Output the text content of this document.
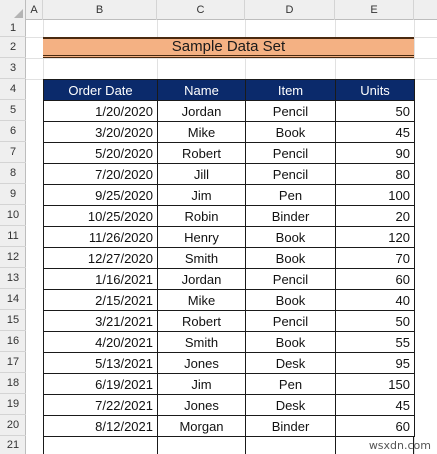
A	B	C	D	E
1
2
3
4
5
6
7
8
9
10
11
12
13
14
15
16
17
18
19
20
21
Sample Data Set
Order Date	Name	Item	Units
1/20/2020	Jordan	Pencil	50
3/20/2020	Mike	Book	45
5/20/2020	Robert	Pencil	90
7/20/2020	Jill	Pencil	80
9/25/2020	Jim	Pen	100
10/25/2020	Robin	Binder	20
11/26/2020	Henry	Book	120
12/27/2020	Smith	Book	70
1/16/2021	Jordan	Pencil	60
2/15/2021	Mike	Book	40
3/21/2021	Robert	Pencil	50
4/20/2021	Smith	Book	55
5/13/2021	Jones	Desk	95
6/19/2021	Jim	Pen	150
7/22/2021	Jones	Desk	45
8/12/2021	Morgan	Binder	60
wsxdn.com
